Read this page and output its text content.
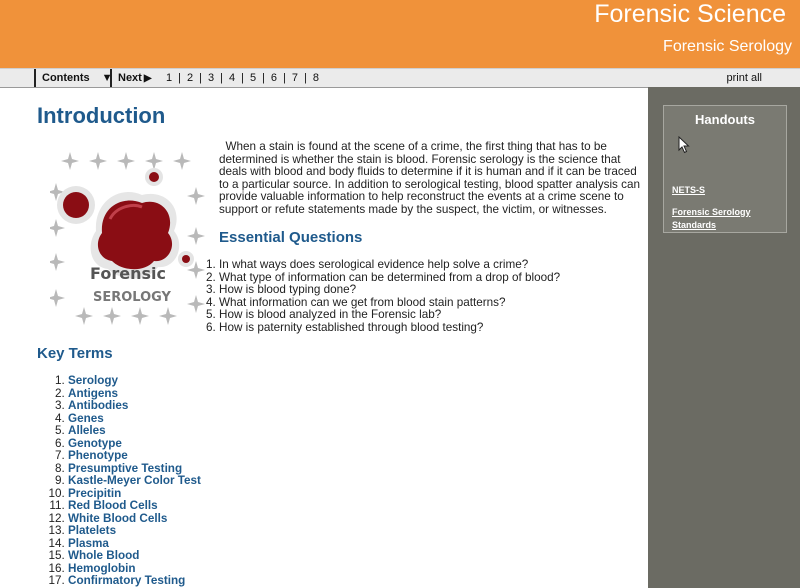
Forensic Science
Forensic Serology
Contents ▼ Next ▶ 1 | 2 | 3 | 4 | 5 | 6 | 7 | 8	print all
Introduction
Forensic
SEROLOGY
When a stain is found at the scene of a crime, the first thing that has to be determined is whether the stain is blood. Forensic serology is the science that deals with blood and body fluids to determine if it is human and if it can be traced to a particular source. In addition to serological testing, blood spatter analysis can provide valuable information to help reconstruct the events at a crime scene to support or refute statements made by the suspect, the victim, or witnesses.
Essential Questions
1. In what ways does serological evidence help solve a crime?
2. What type of information can be determined from a drop of blood?
3. How is blood typing done?
4. What information can we get from blood stain patterns?
5. How is blood analyzed in the Forensic lab?
6. How is paternity established through blood testing?
Key Terms
1. Serology
2. Antigens
3. Antibodies
4. Genes
5. Alleles
6. Genotype
7. Phenotype
8. Presumptive Testing
9. Kastle-Meyer Color Test
10. Precipitin
11. Red Blood Cells
12. White Blood Cells
13. Platelets
14. Plasma
15. Whole Blood
16. Hemoglobin
17. Confirmatory Testing
Handouts
NETS-S
Forensic Serology
Standards
